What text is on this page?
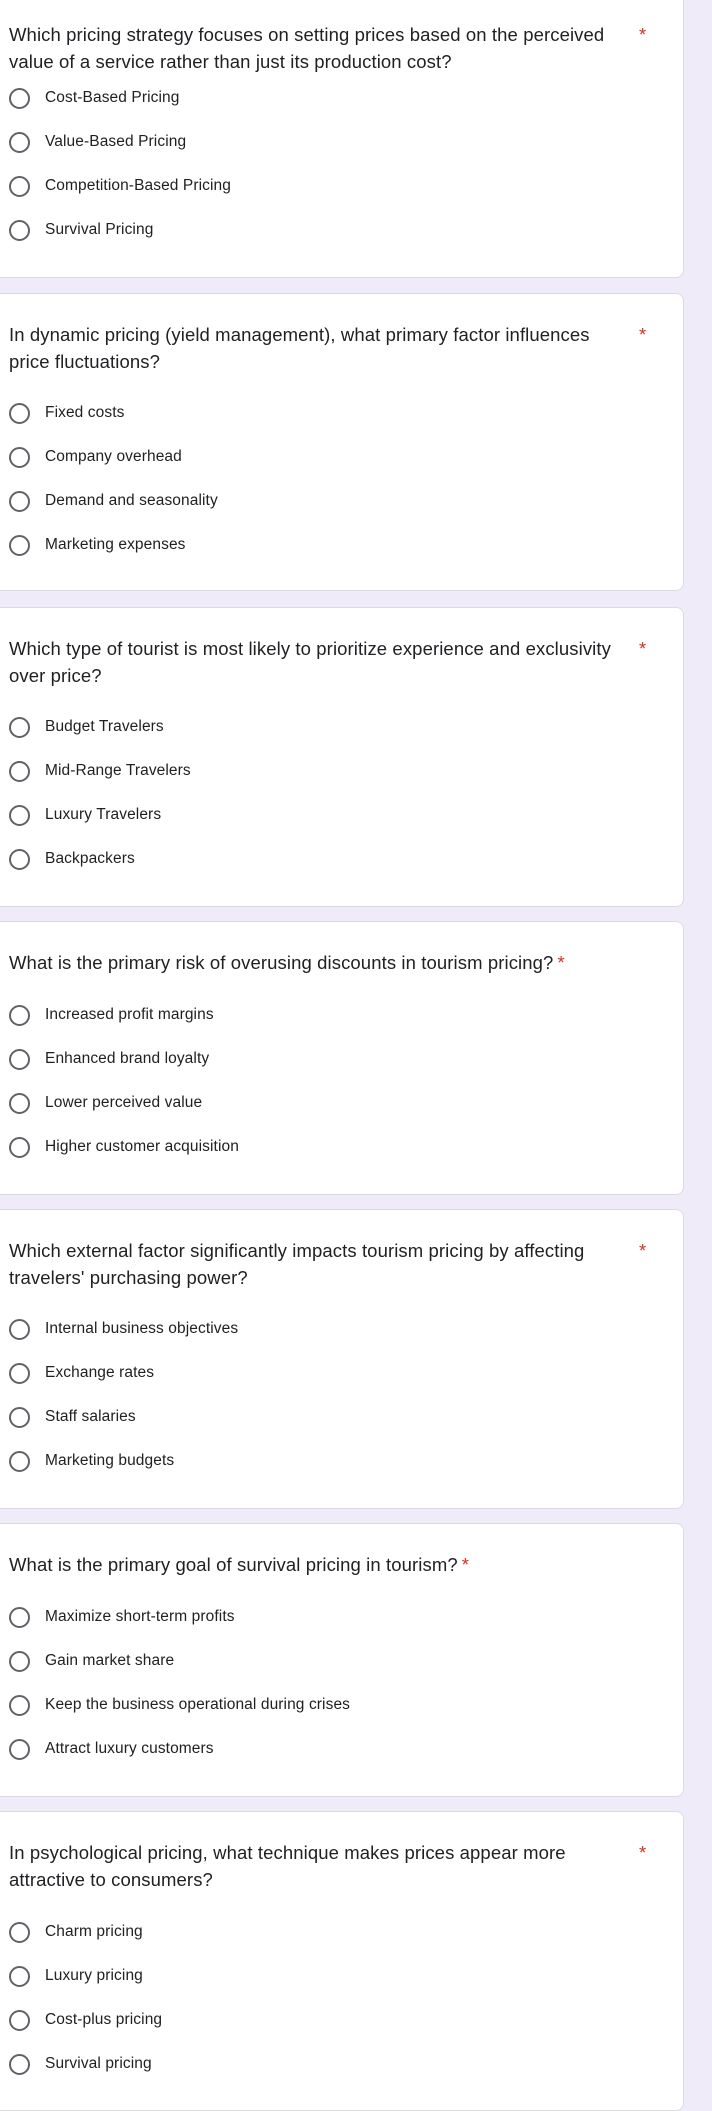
Which pricing strategy focuses on setting prices based on the perceived value of a service rather than just its production cost?
*
Cost-Based Pricing
Value-Based Pricing
Competition-Based Pricing
Survival Pricing
In dynamic pricing (yield management), what primary factor influences price fluctuations?
*
Fixed costs
Company overhead
Demand and seasonality
Marketing expenses
Which type of tourist is most likely to prioritize experience and exclusivity over price?
*
Budget Travelers
Mid-Range Travelers
Luxury Travelers
Backpackers
What is the primary risk of overusing discounts in tourism pricing? *
Increased profit margins
Enhanced brand loyalty
Lower perceived value
Higher customer acquisition
Which external factor significantly impacts tourism pricing by affecting travelers' purchasing power?
*
Internal business objectives
Exchange rates
Staff salaries
Marketing budgets
What is the primary goal of survival pricing in tourism? *
Maximize short-term profits
Gain market share
Keep the business operational during crises
Attract luxury customers
In psychological pricing, what technique makes prices appear more attractive to consumers?
*
Charm pricing
Luxury pricing
Cost-plus pricing
Survival pricing
